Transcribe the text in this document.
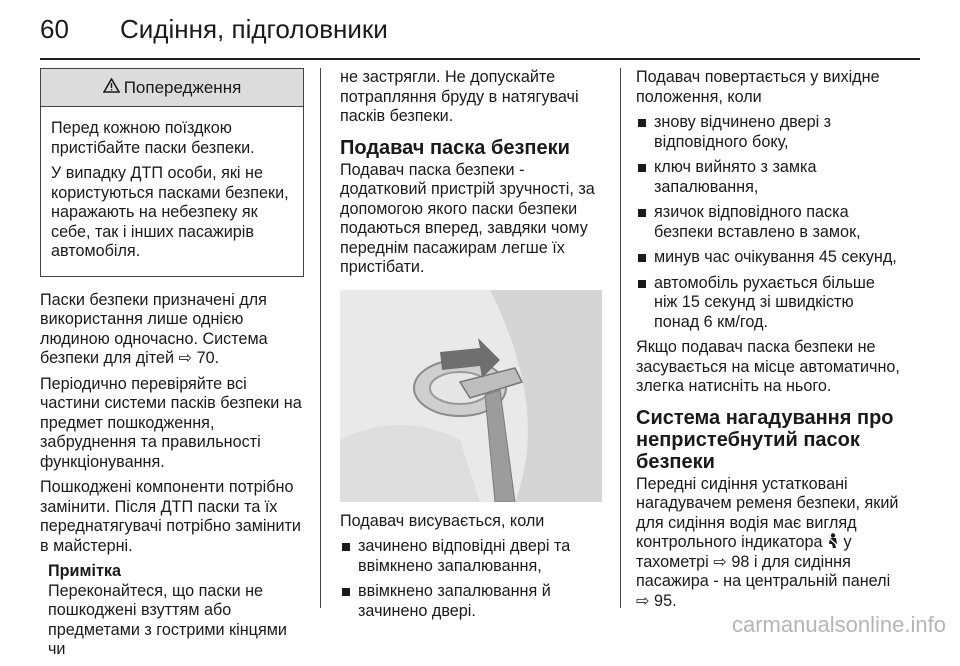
60 Сидіння, підголовники
Попередження

Перед кожною поїздкою пристібайте паски безпеки.

У випадку ДТП особи, які не користуються пасками безпеки, наражають на небезпеку як себе, так і інших пасажирів автомобіля.

Паски безпеки призначені для використання лише однією людиною одночасно. Система безпеки для дітей ⇨ 70.

Періодично перевіряйте всі частини системи пасків безпеки на предмет пошкодження, забруднення та правильності функціонування.

Пошкоджені компоненти потрібно замінити. Після ДТП паски та їх переднатягувачі потрібно замінити в майстерні.

Примітка

Переконайтеся, що паски не пошкоджені взуттям або предметами з гострими кінцями чи

не застрягли. Не допускайте потрапляння бруду в натягувачі пасків безпеки.

Подавач паска безпеки

Подавач паска безпеки - додатковий пристрій зручності, за допомогою якого паски безпеки подаються вперед, завдяки чому переднім пасажирам легше їх пристібати.

Подавач висувається, коли

зачинено відповідні двері та ввімкнено запалювання,
ввімкнено запалювання й зачинено двері.

Подавач повертається у вихідне положення, коли

знову відчинено двері з відповідного боку,
ключ вийнято з замка запалювання,
язичок відповідного паска безпеки вставлено в замок,
минув час очікування 45 секунд,
автомобіль рухається більше ніж 15 секунд зі швидкістю понад 6 км/год.

Якщо подавач паска безпеки не засувається на місце автоматично, злегка натисніть на нього.

Система нагадування про непристебнутий пасок безпеки

Передні сидіння устатковані нагадувачем ременя безпеки, який для сидіння водія має вигляд контрольного індикатора у тахометрі ⇨ 98 і для сидіння пасажира - на центральній панелі ⇨ 95.

carmanualsonline.info
